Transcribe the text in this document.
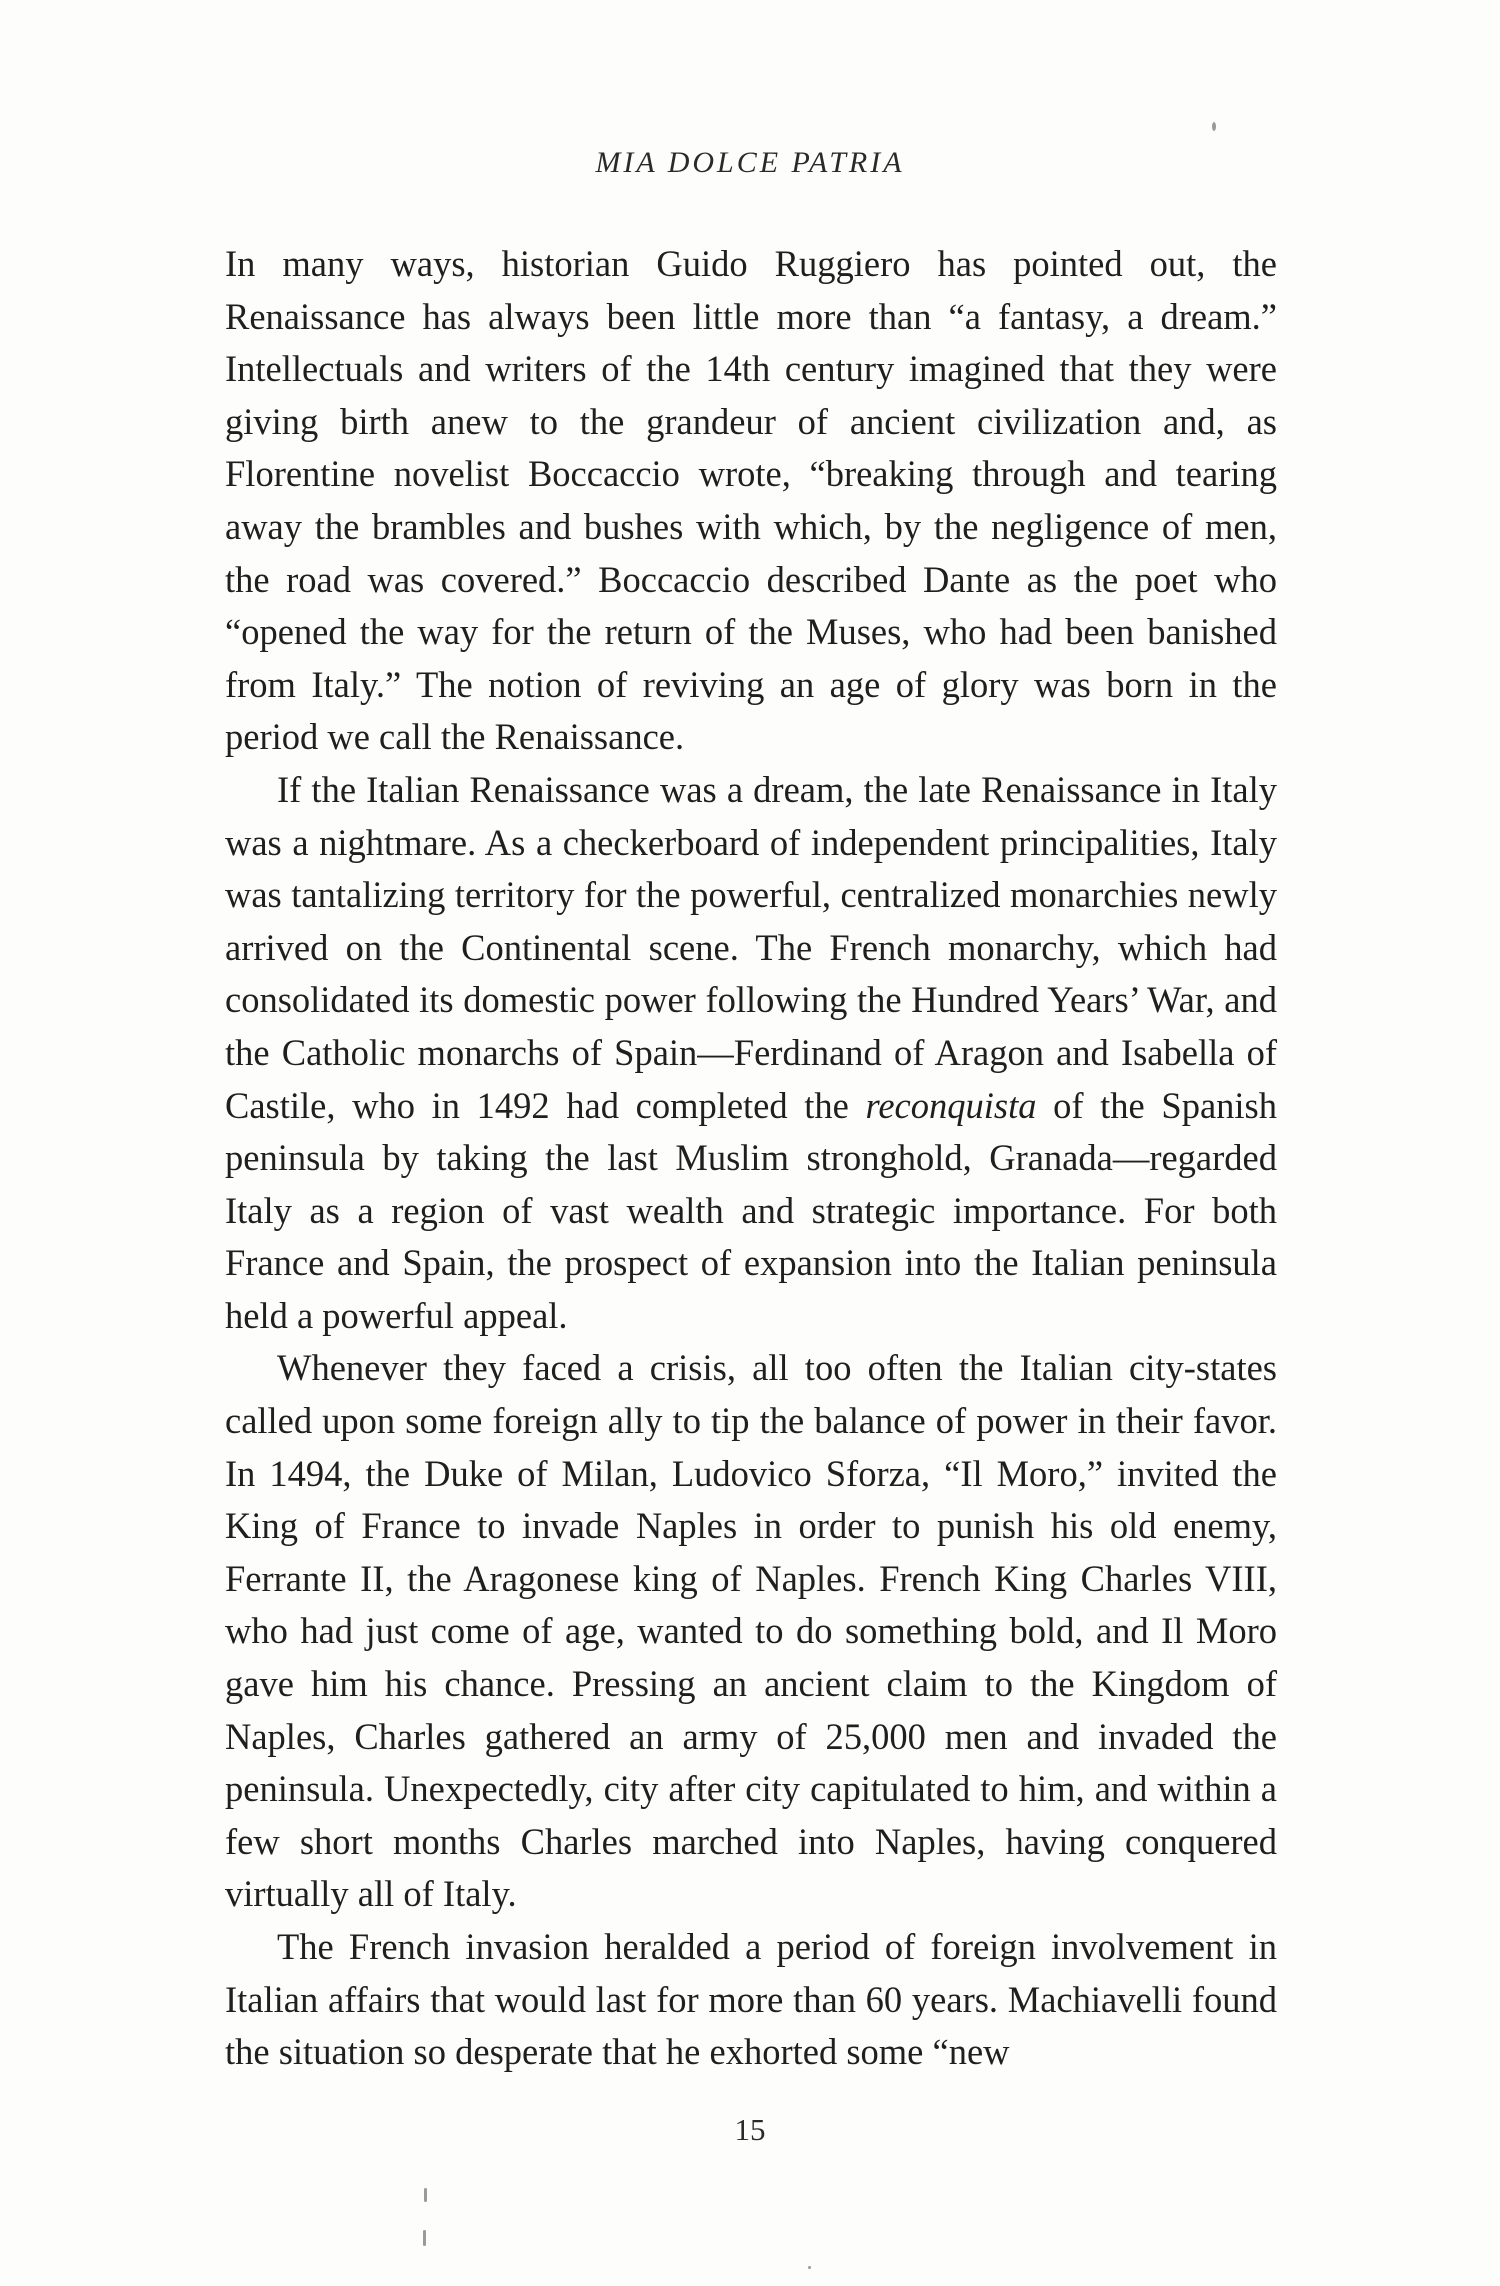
MIA DOLCE PATRIA

In many ways, historian Guido Ruggiero has pointed out, the Renaissance has always been little more than “a fantasy, a dream.” Intellectuals and writers of the 14th century imagined that they were giving birth anew to the grandeur of ancient civilization and, as Florentine novelist Boccaccio wrote, “breaking through and tearing away the brambles and bushes with which, by the negligence of men, the road was covered.” Boccaccio described Dante as the poet who “opened the way for the return of the Muses, who had been banished from Italy.” The notion of reviving an age of glory was born in the period we call the Renaissance.

If the Italian Renaissance was a dream, the late Renaissance in Italy was a nightmare. As a checkerboard of independent principalities, Italy was tantalizing territory for the powerful, centralized monarchies newly arrived on the Continental scene. The French monarchy, which had consolidated its domestic power following the Hundred Years’ War, and the Catholic monarchs of Spain—Ferdinand of Aragon and Isabella of Castile, who in 1492 had completed the reconquista of the Spanish peninsula by taking the last Muslim stronghold, Granada—regarded Italy as a region of vast wealth and strategic importance. For both France and Spain, the prospect of expansion into the Italian peninsula held a powerful appeal.

Whenever they faced a crisis, all too often the Italian city-states called upon some foreign ally to tip the balance of power in their favor. In 1494, the Duke of Milan, Ludovico Sforza, “Il Moro,” invited the King of France to invade Naples in order to punish his old enemy, Ferrante II, the Aragonese king of Naples. French King Charles VIII, who had just come of age, wanted to do something bold, and Il Moro gave him his chance. Pressing an ancient claim to the Kingdom of Naples, Charles gathered an army of 25,000 men and invaded the peninsula. Unexpectedly, city after city capitulated to him, and within a few short months Charles marched into Naples, having conquered virtually all of Italy.

The French invasion heralded a period of foreign involvement in Italian affairs that would last for more than 60 years. Machiavelli found the situation so desperate that he exhorted some “new

15
